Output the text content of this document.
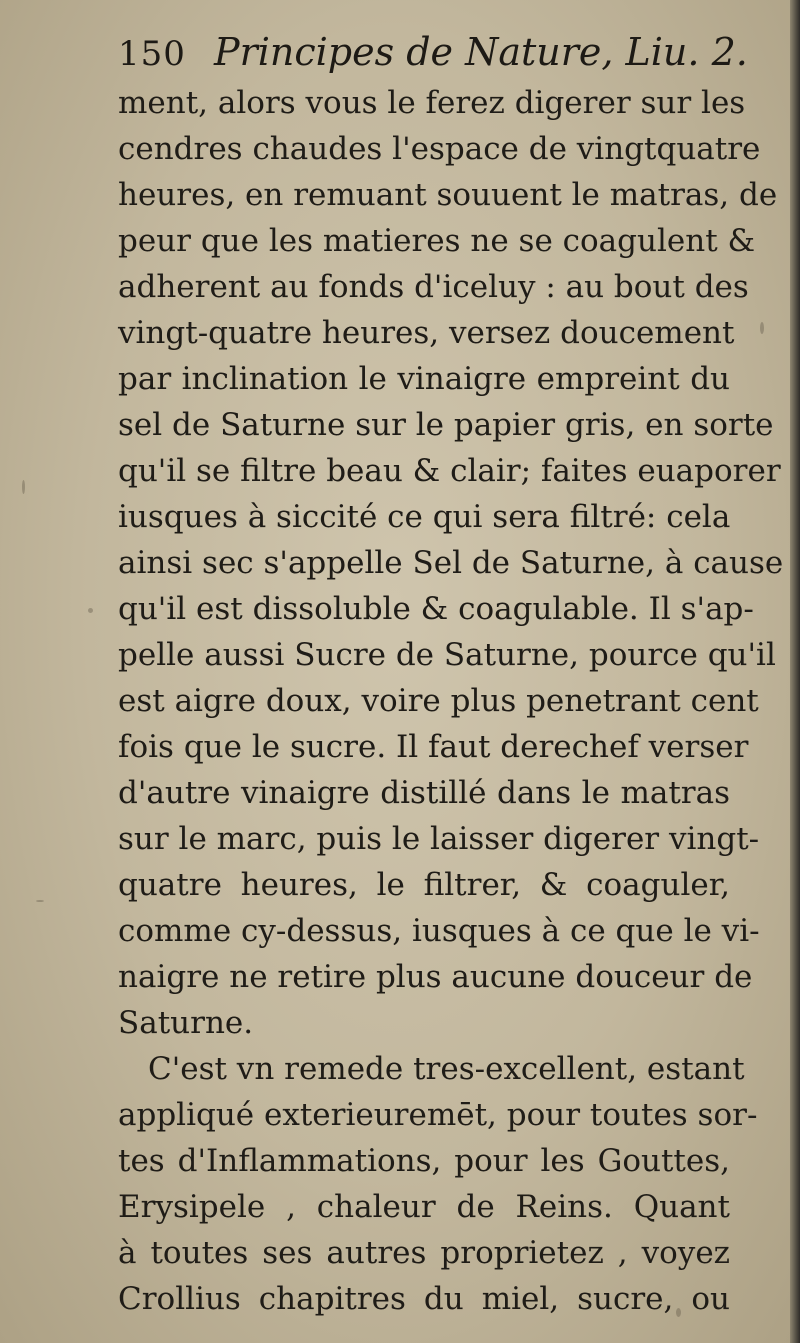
150 Principes de Nature, Liu. 2.
ment, alors vous le ferez digerer sur les
cendres chaudes l'espace de vingtquatre
heures, en remuant souuent le matras, de
peur que les matieres ne se coagulent &
adherent au fonds d'iceluy : au bout des
vingt-quatre heures, versez doucement
par inclination le vinaigre empreint du
sel de Saturne sur le papier gris, en sorte
qu'il se filtre beau & clair; faites euaporer
iusques à siccité ce qui sera filtré: cela
ainsi sec s'appelle Sel de Saturne, à cause
qu'il est dissoluble & coagulable. Il s'ap-
pelle aussi Sucre de Saturne, pource qu'il
est aigre doux, voire plus penetrant cent
fois que le sucre. Il faut derechef verser
d'autre vinaigre distillé dans le matras
sur le marc, puis le laisser digerer vingt-
quatre heures, le filtrer, & coaguler,
comme cy-dessus, iusques à ce que le vi-
naigre ne retire plus aucune douceur de
Saturne.
C'est vn remede tres-excellent, estant
appliqué exterieuremēt, pour toutes sor-
tes d'Inflammations, pour les Gouttes,
Erysipele , chaleur de Reins. Quant
à toutes ses autres proprietez , voyez
Crollius chapitres du miel, sucre, ou
